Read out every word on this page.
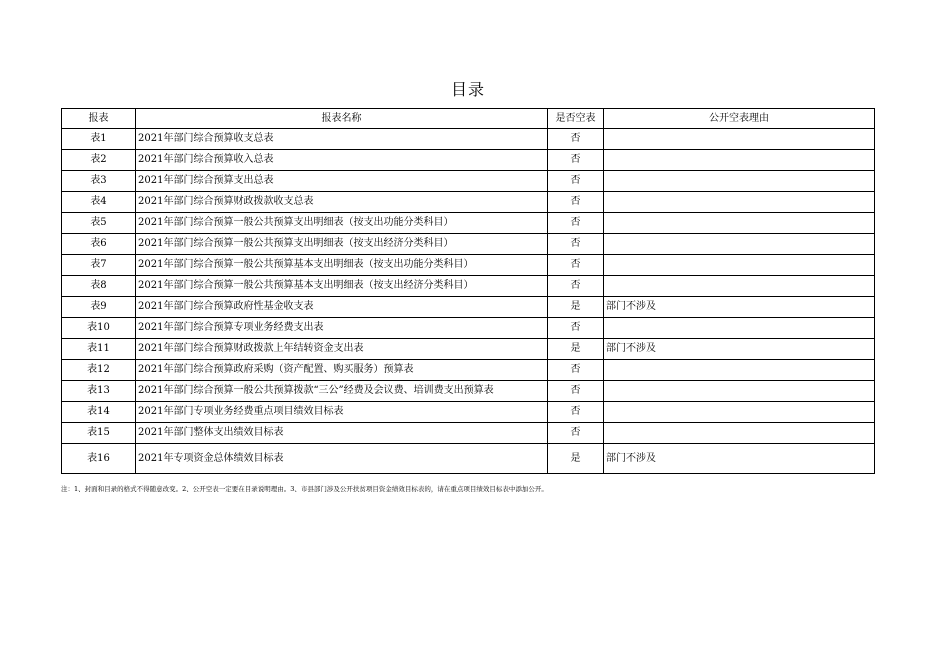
目录
报表	报表名称	是否空表	公开空表理由
表1	2021年部门综合预算收支总表	否	
表2	2021年部门综合预算收入总表	否	
表3	2021年部门综合预算支出总表	否	
表4	2021年部门综合预算财政拨款收支总表	否	
表5	2021年部门综合预算一般公共预算支出明细表（按支出功能分类科目）	否	
表6	2021年部门综合预算一般公共预算支出明细表（按支出经济分类科目）	否	
表7	2021年部门综合预算一般公共预算基本支出明细表（按支出功能分类科目）	否	
表8	2021年部门综合预算一般公共预算基本支出明细表（按支出经济分类科目）	否	
表9	2021年部门综合预算政府性基金收支表	是	部门不涉及
表10	2021年部门综合预算专项业务经费支出表	否	
表11	2021年部门综合预算财政拨款上年结转资金支出表	是	部门不涉及
表12	2021年部门综合预算政府采购（资产配置、购买服务）预算表	否	
表13	2021年部门综合预算一般公共预算拨款“三公”经费及会议费、培训费支出预算表	否	
表14	2021年部门专项业务经费重点项目绩效目标表	否	
表15	2021年部门整体支出绩效目标表	否	
表16	2021年专项资金总体绩效目标表	是	部门不涉及
注：1、封面和目录的格式不得随意改变。2、公开空表一定要在目录说明理由。3、市县部门涉及公开扶贫项目资金绩效目标表的，请在重点项目绩效目标表中添加公开。
